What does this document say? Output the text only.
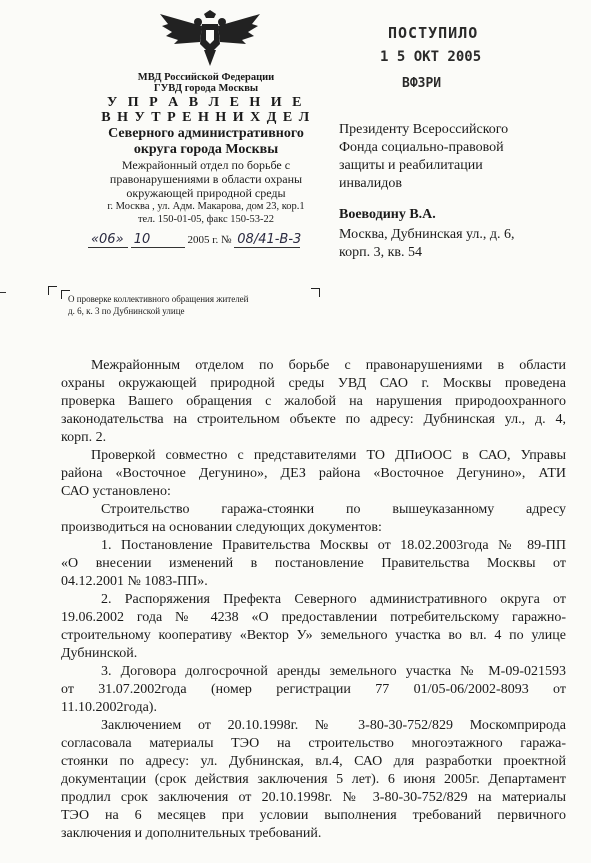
МВД Российской Федерации
ГУВД города Москвы
У П Р А В Л Е Н И Е
В Н У Т Р Е Н Н И Х Д Е Л
Северного административного
округа города Москвы
Межрайонный отдел по борьбе с
правонарушениями в области охраны
окружающей природной среды
г. Москва , ул. Адм. Макарова, дом 23, кор.1
тел. 150-01-05, факс 150-53-22
«06» 10	2005 г. № 08/41-В-3
ПОСТУПИЛО
1 5 ОКТ 2005
ВФЗРИ
Президенту Всероссийского
Фонда социально-правовой
защиты и реабилитации
инвалидов
Воеводину В.А.
Москва, Дубнинская ул., д. 6,
корп. 3, кв. 54
О проверке коллективного обращения жителей
д. 6, к. 3 по Дубнинской улице
Межрайонным отделом по борьбе с правонарушениями в области
охраны окружающей природной среды УВД САО г. Москвы проведена
проверка Вашего обращения с жалобой на нарушения природоохранного
законодательства на строительном объекте по адресу: Дубнинская ул., д. 4,
корп. 2.
Проверкой совместно с представителями ТО ДПиООС в САО, Управы
района «Восточное Дегунино», ДЕЗ района «Восточное Дегунино», АТИ
САО установлено:
Строительство гаража-стоянки по вышеуказанному адресу
производиться на основании следующих документов:
1. Постановление Правительства Москвы от 18.02.2003года № 89-ПП
«О внесении изменений в постановление Правительства Москвы от
04.12.2001 № 1083-ПП».
2. Распоряжения Префекта Северного административного округа от
19.06.2002 года № 4238 «О предоставлении потребительскому гаражно-
строительному кооперативу «Вектор У» земельного участка во вл. 4 по улице
Дубнинской.
3. Договора долгосрочной аренды земельного участка № М-09-021593
от 31.07.2002года (номер регистрации 77 01/05-06/2002-8093 от
11.10.2002года).
Заключением от 20.10.1998г. № 3-80-30-752/829 Москомприрода
согласовала материалы ТЭО на строительство многоэтажного гаража-
стоянки по адресу: ул. Дубнинская, вл.4, САО для разработки проектной
документации (срок действия заключения 5 лет). 6 июня 2005г. Департамент
продлил срок заключения от 20.10.1998г. № 3-80-30-752/829 на материалы
ТЭО на 6 месяцев при условии выполнения требований первичного
заключения и дополнительных требований.
